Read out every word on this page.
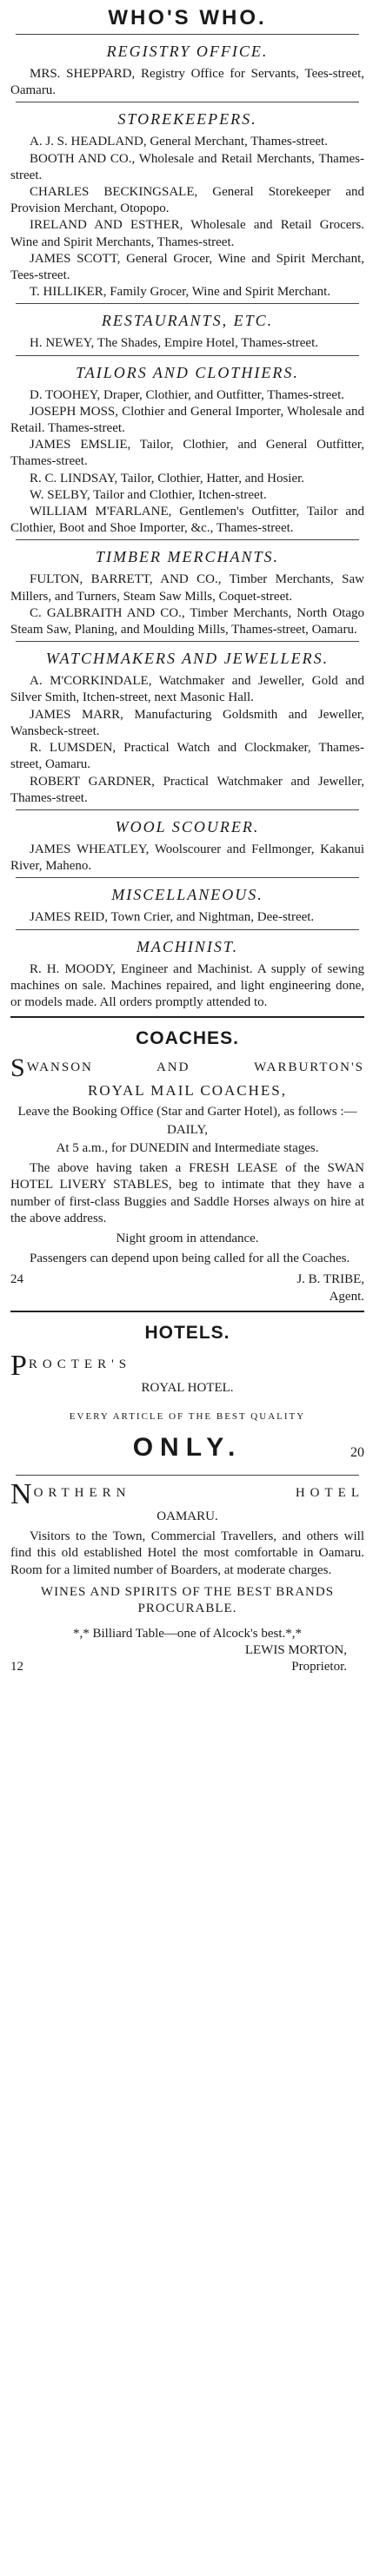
WHO'S WHO.
REGISTRY OFFICE.

MRS. SHEPPARD, Registry Office for Servants, Tees-street, Oamaru.

STOREKEEPERS.

A. J. S. HEADLAND, General Merchant, Thames-street.

BOOTH AND CO., Wholesale and Retail Merchants, Thames-street.

CHARLES BECKINGSALE, General Storekeeper and Provision Merchant, Otopopo.

IRELAND AND ESTHER, Wholesale and Retail Grocers. Wine and Spirit Merchants, Thames-street.

JAMES SCOTT, General Grocer, Wine and Spirit Merchant, Tees-street.

T. HILLIKER, Family Grocer, Wine and Spirit Merchant.

RESTAURANTS, ETC.

H. NEWEY, The Shades, Empire Hotel, Thames-street.

TAILORS AND CLOTHIERS.

D. TOOHEY, Draper, Clothier, and Outfitter, Thames-street.

JOSEPH MOSS, Clothier and General Importer, Wholesale and Retail. Thames-street.

JAMES EMSLIE, Tailor, Clothier, and General Outfitter, Thames-street.

R. C. LINDSAY, Tailor, Clothier, Hatter, and Hosier.

W. SELBY, Tailor and Clothier, Itchen-street.

WILLIAM M'FARLANE, Gentlemen's Outfitter, Tailor and Clothier, Boot and Shoe Importer, &c., Thames-street.

TIMBER MERCHANTS.

FULTON, BARRETT, AND CO., Timber Merchants, Saw Millers, and Turners, Steam Saw Mills, Coquet-street.

C. GALBRAITH AND CO., Timber Merchants, North Otago Steam Saw, Planing, and Moulding Mills, Thames-street, Oamaru.

WATCHMAKERS AND JEWELLERS.

A. M'CORKINDALE, Watchmaker and Jeweller, Gold and Silver Smith, Itchen-street, next Masonic Hall.

JAMES MARR, Manufacturing Goldsmith and Jeweller, Wansbeck-street.

R. LUMSDEN, Practical Watch and Clockmaker, Thames-street, Oamaru.

ROBERT GARDNER, Practical Watchmaker and Jeweller, Thames-street.

WOOL SCOURER.

JAMES WHEATLEY, Woolscourer and Fellmonger, Kakanui River, Maheno.

MISCELLANEOUS.

JAMES REID, Town Crier, and Nightman, Dee-street.

MACHINIST.

R. H. MOODY, Engineer and Machinist. A supply of sewing machines on sale. Machines repaired, and light engineering done, or models made. All orders promptly attended to.

COACHES.
SWANSON AND WARBURTON'S
ROYAL MAIL COACHES,
Leave the Booking Office (Star and Garter Hotel), as follows :—
DAILY,
At 5 a.m., for DUNEDIN and Intermediate stages.

The above having taken a FRESH LEASE of the SWAN HOTEL LIVERY STABLES, beg to intimate that they have a number of first-class Buggies and Saddle Horses always on hire at the above address.

Night groom in attendance.

Passengers can depend upon being called for all the Coaches.

24	J. B. TRIBE,
Agent.
HOTELS.
PROCTER'S
ROYAL HOTEL.
EVERY ARTICLE OF THE BEST QUALITY
ONLY.	20
NORTHERN HOTEL
OAMARU.

Visitors to the Town, Commercial Travellers, and others will find this old established Hotel the most comfortable in Oamaru. Room for a limited number of Boarders, at moderate charges.

WINES AND SPIRITS OF THE BEST BRANDS PROCURABLE.
*,* Billiard Table—one of Alcock's best.*,*
12
LEWIS MORTON,
Proprietor.
